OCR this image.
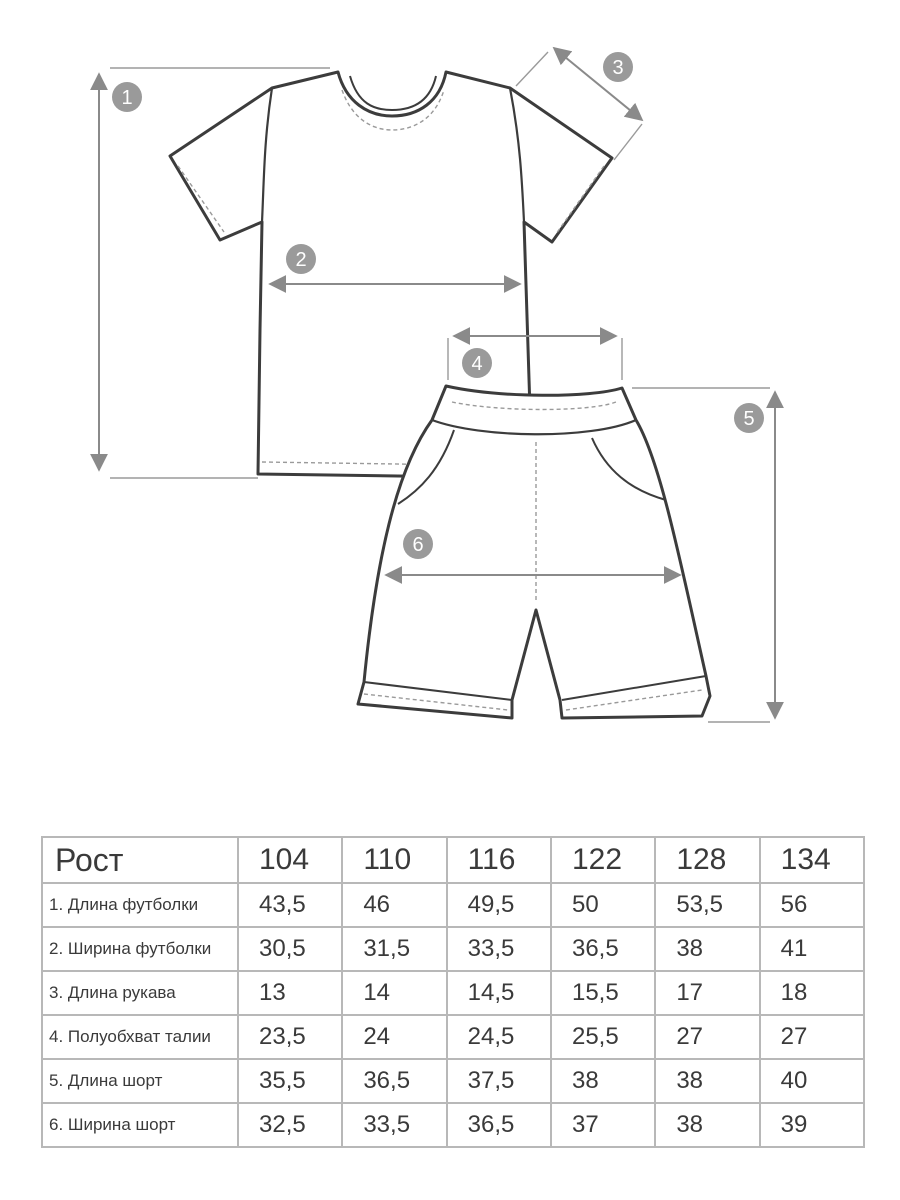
1
2
3
4
5
6
Рост	104	110	116	122	128	134
1. Длина футболки	43,5	46	49,5	50	53,5	56
2. Ширина футболки	30,5	31,5	33,5	36,5	38	41
3. Длина рукава	13	14	14,5	15,5	17	18
4. Полуобхват талии	23,5	24	24,5	25,5	27	27
5. Длина шорт	35,5	36,5	37,5	38	38	40
6. Ширина шорт	32,5	33,5	36,5	37	38	39
